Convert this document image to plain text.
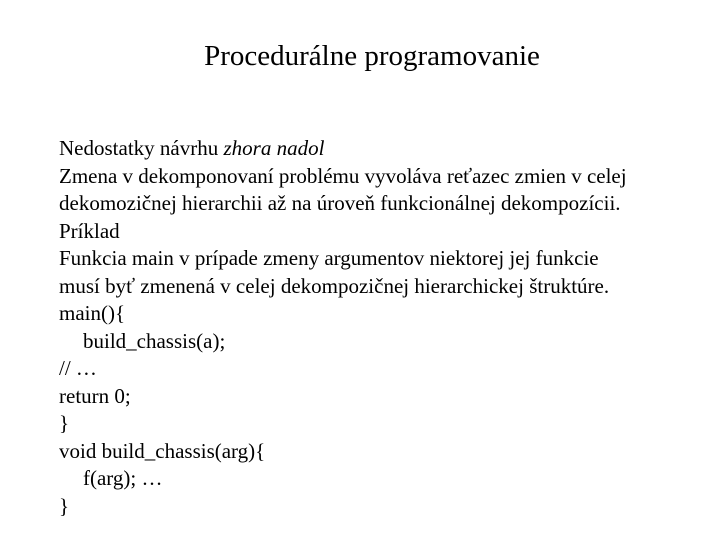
Procedurálne programovanie
Nedostatky návrhu zhora nadol
Zmena v dekomponovaní problému vyvoláva reťazec zmien v celej
dekomozičnej hierarchii až na úroveň funkcionálnej dekompozícii.
Príklad
Funkcia main v prípade zmeny argumentov niektorej jej funkcie
musí byť zmenená v celej dekompozičnej hierarchickej štruktúre.
main(){
build_chassis(a);
// …
return 0;
}
void build_chassis(arg){
f(arg); …
}
